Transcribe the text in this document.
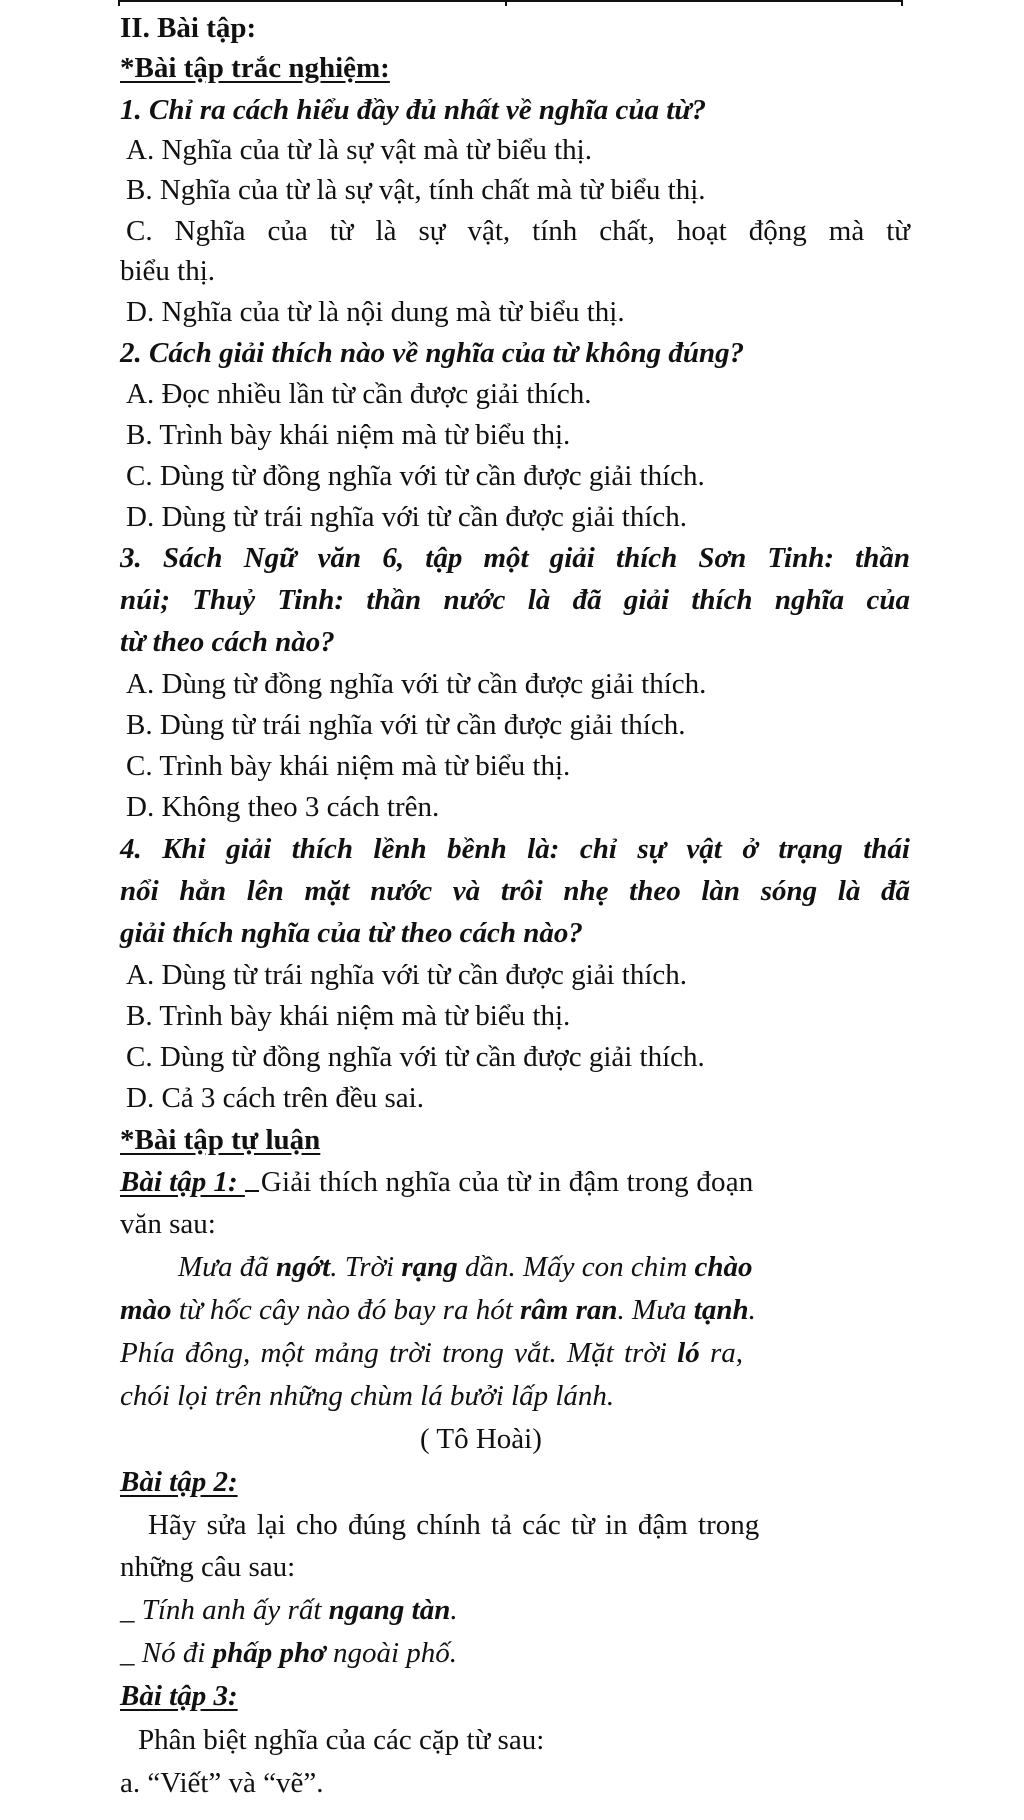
II. Bài tập:
*Bài tập trắc nghiệm:
1. Chỉ ra cách hiểu đầy đủ nhất về nghĩa của từ?
A. Nghĩa của từ là sự vật mà từ biểu thị.
B. Nghĩa của từ là sự vật, tính chất mà từ biểu thị.
C. Nghĩa của từ là sự vật, tính chất, hoạt động mà từ
biểu thị.
D. Nghĩa của từ là nội dung mà từ biểu thị.
2. Cách giải thích nào về nghĩa của từ không đúng?
A. Đọc nhiều lần từ cần được giải thích.
B. Trình bày khái niệm mà từ biểu thị.
C. Dùng từ đồng nghĩa với từ cần được giải thích.
D. Dùng từ trái nghĩa với từ cần được giải thích.
3. Sách Ngữ văn 6, tập một giải thích Sơn Tinh: thần
núi; Thuỷ Tinh: thần nước là đã giải thích nghĩa của
từ theo cách nào?
A. Dùng từ đồng nghĩa với từ cần được giải thích.
B. Dùng từ trái nghĩa với từ cần được giải thích.
C. Trình bày khái niệm mà từ biểu thị.
D. Không theo 3 cách trên.
4. Khi giải thích lềnh bềnh là: chỉ sự vật ở trạng thái
nổi hẳn lên mặt nước và trôi nhẹ theo làn sóng là đã
giải thích nghĩa của từ theo cách nào?
A. Dùng từ trái nghĩa với từ cần được giải thích.
B. Trình bày khái niệm mà từ biểu thị.
C. Dùng từ đồng nghĩa với từ cần được giải thích.
D. Cả 3 cách trên đều sai.
*Bài tập tự luận
Bài tập 1: Giải thích nghĩa của từ in đậm trong đoạn
văn sau:
Mưa đã ngớt. Trời rạng dần. Mấy con chim chào
mào từ hốc cây nào đó bay ra hót râm ran. Mưa tạnh.
Phía đông, một mảng trời trong vắt. Mặt trời ló ra,
chói lọi trên những chùm lá bưởi lấp lánh.
( Tô Hoài)
Bài tập 2:
Hãy sửa lại cho đúng chính tả các từ in đậm trong
những câu sau:
_ Tính anh ấy rất ngang tàn.
_ Nó đi phấp phơ ngoài phố.
Bài tập 3:
Phân biệt nghĩa của các cặp từ sau:
a. “Viết” và “vẽ”.
